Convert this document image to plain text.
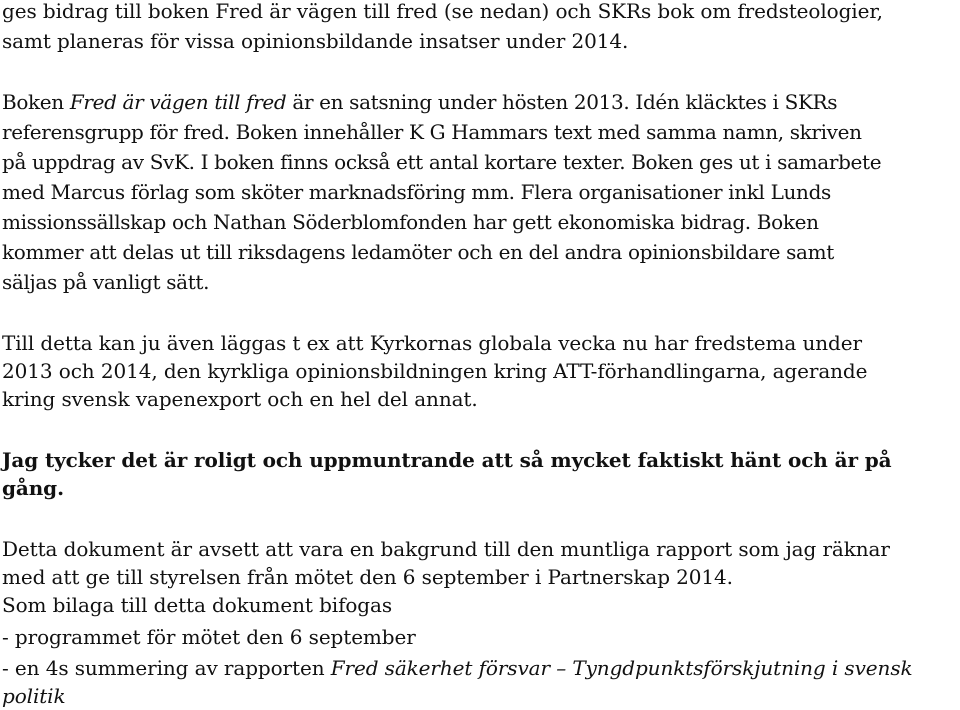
ges bidrag till boken Fred är vägen till fred (se nedan) och SKRs bok om fredsteologier,
samt planeras för vissa opinionsbildande insatser under 2014.
Boken Fred är vägen till fred är en satsning under hösten 2013. Idén kläcktes i SKRs
referensgrupp för fred. Boken innehåller K G Hammars text med samma namn, skriven
på uppdrag av SvK. I boken finns också ett antal kortare texter. Boken ges ut i samarbete
med Marcus förlag som sköter marknadsföring mm. Flera organisationer inkl Lunds
missionssällskap och Nathan Söderblomfonden har gett ekonomiska bidrag. Boken
kommer att delas ut till riksdagens ledamöter och en del andra opinionsbildare samt
säljas på vanligt sätt.
Till detta kan ju även läggas t ex att Kyrkornas globala vecka nu har fredstema under
2013 och 2014, den kyrkliga opinionsbildningen kring ATT-förhandlingarna, agerande
kring svensk vapenexport och en hel del annat.
Jag tycker det är roligt och uppmuntrande att så mycket faktiskt hänt och är på
gång.
Detta dokument är avsett att vara en bakgrund till den muntliga rapport som jag räknar
med att ge till styrelsen från mötet den 6 september i Partnerskap 2014.
Som bilaga till detta dokument bifogas
- programmet för mötet den 6 september
- en 4s summering av rapporten Fred säkerhet försvar – Tyngdpunktsförskjutning i svensk
politik
